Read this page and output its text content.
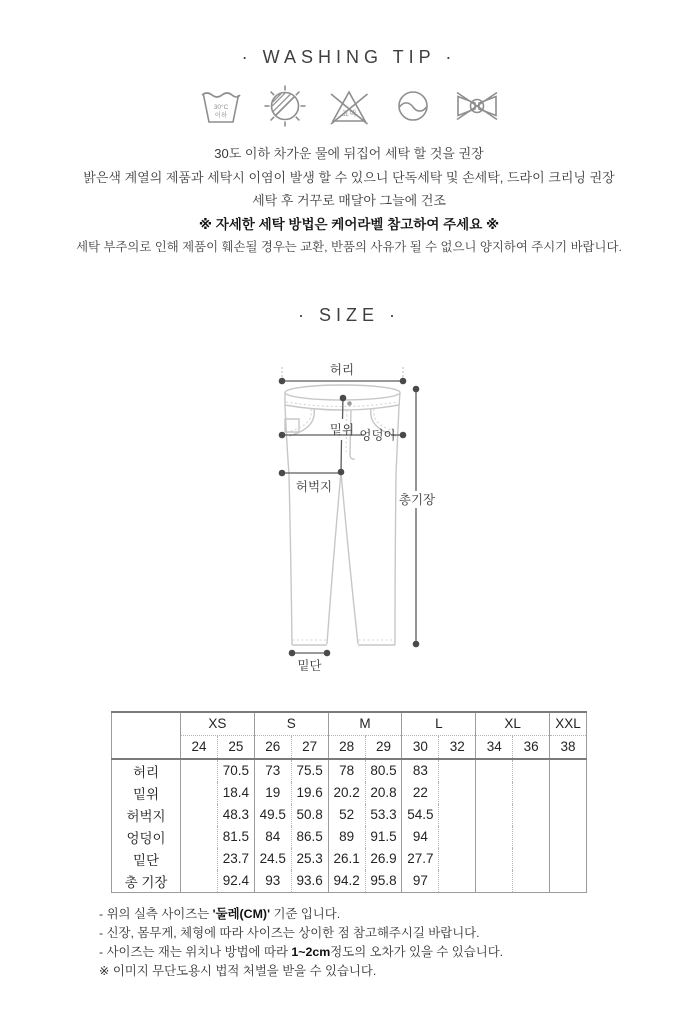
· WASHING TIP ·
30°C
이하	표백

30도 이하 차가운 물에 뒤집어 세탁 할 것을 권장

밝은색 계열의 제품과 세탁시 이염이 발생 할 수 있으니 단독세탁 및 손세탁, 드라이 크리닝 권장

세탁 후 거꾸로 매달아 그늘에 건조

※ 자세한 세탁 방법은 케어라벨 참고하여 주세요 ※

세탁 부주의로 인해 제품이 훼손될 경우는 교환, 반품의 사유가 될 수 없으니 양지하여 주시기 바랍니다.

· SIZE ·
허리
밑위 엉덩이
허벅지
총기장
밑단
	XS		S		M		L		XL		XXL
	24	25	26	27	28	29	30	32	34	36	38
허리		70.5	73	75.5	78	80.5	83				
밑위		18.4	19	19.6	20.2	20.8	22				
허벅지		48.3	49.5	50.8	52	53.3	54.5				
엉덩이		81.5	84	86.5	89	91.5	94				
밑단		23.7	24.5	25.3	26.1	26.9	27.7				
총 기장		92.4	93	93.6	94.2	95.8	97				

- 위의 실측 사이즈는 '둘레(CM)' 기준 입니다.

- 신장, 몸무게, 체형에 따라 사이즈는 상이한 점 참고해주시길 바랍니다.

- 사이즈는 재는 위치나 방법에 따라 1~2cm정도의 오차가 있을 수 있습니다.

※ 이미지 무단도용시 법적 처벌을 받을 수 있습니다.
